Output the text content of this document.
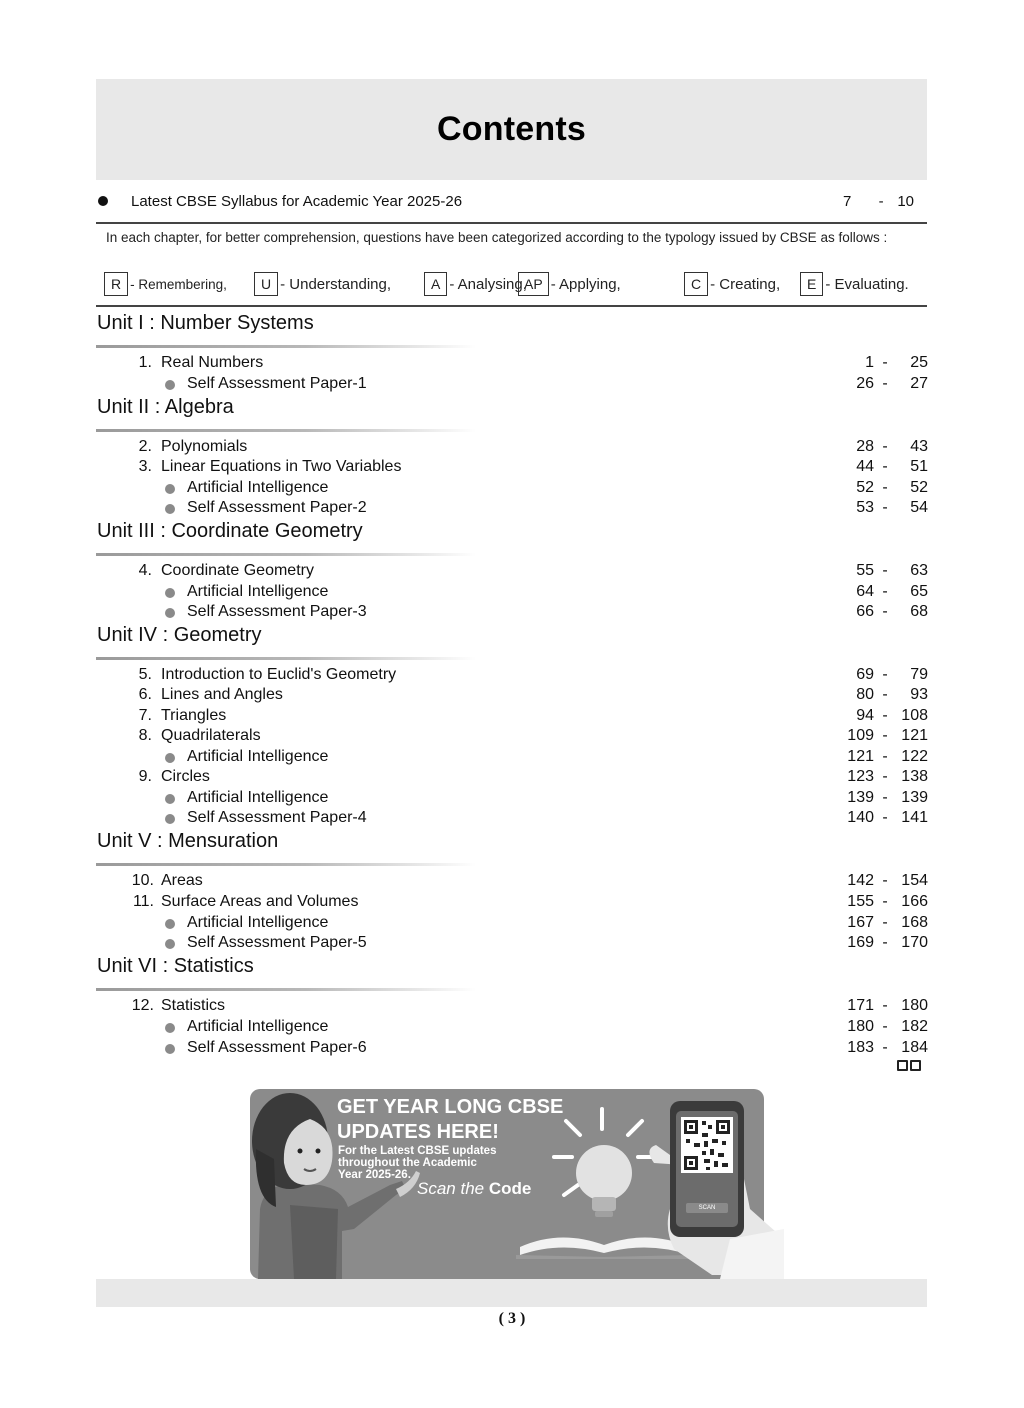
Contents
Latest CBSE Syllabus for Academic Year 2025-26	7 - 10
In each chapter, for better comprehension, questions have been categorized according to the typology issued by CBSE as follows :
R - Remembering,	U - Understanding,	A - Analysing,
AP - Applying,	C - Creating,	E - Evaluating.
Unit I : Number Systems
1. Real Numbers	1 -	25
Self Assessment Paper-1	26 -	27
Unit II : Algebra
2. Polynomials	28 -	43
3. Linear Equations in Two Variables	44 -	51
Artificial Intelligence	52 -	52
Self Assessment Paper-2	53 -	54
Unit III : Coordinate Geometry
4. Coordinate Geometry	55 -	63
Artificial Intelligence	64 -	65
Self Assessment Paper-3	66 -	68
Unit IV : Geometry
5. Introduction to Euclid's Geometry	69 -	79
6. Lines and Angles	80 -	93
7. Triangles	94 - 108
8. Quadrilaterals	109 - 121
Artificial Intelligence	121 - 122
9. Circles	123 - 138
Artificial Intelligence	139 - 139
Self Assessment Paper-4	140 - 141
Unit V : Mensuration
10. Areas	142 - 154
11. Surface Areas and Volumes	155 - 166
Artificial Intelligence	167 - 168
Self Assessment Paper-5	169 - 170
Unit VI : Statistics
12. Statistics	171 - 180
Artificial Intelligence	180 - 182
Self Assessment Paper-6	183 - 184
GET YEAR LONG CBSE
UPDATES HERE!
For the Latest CBSE updates
throughout the Academic
Year 2025-26.
Scan the Code
SCAN
( 3 )
